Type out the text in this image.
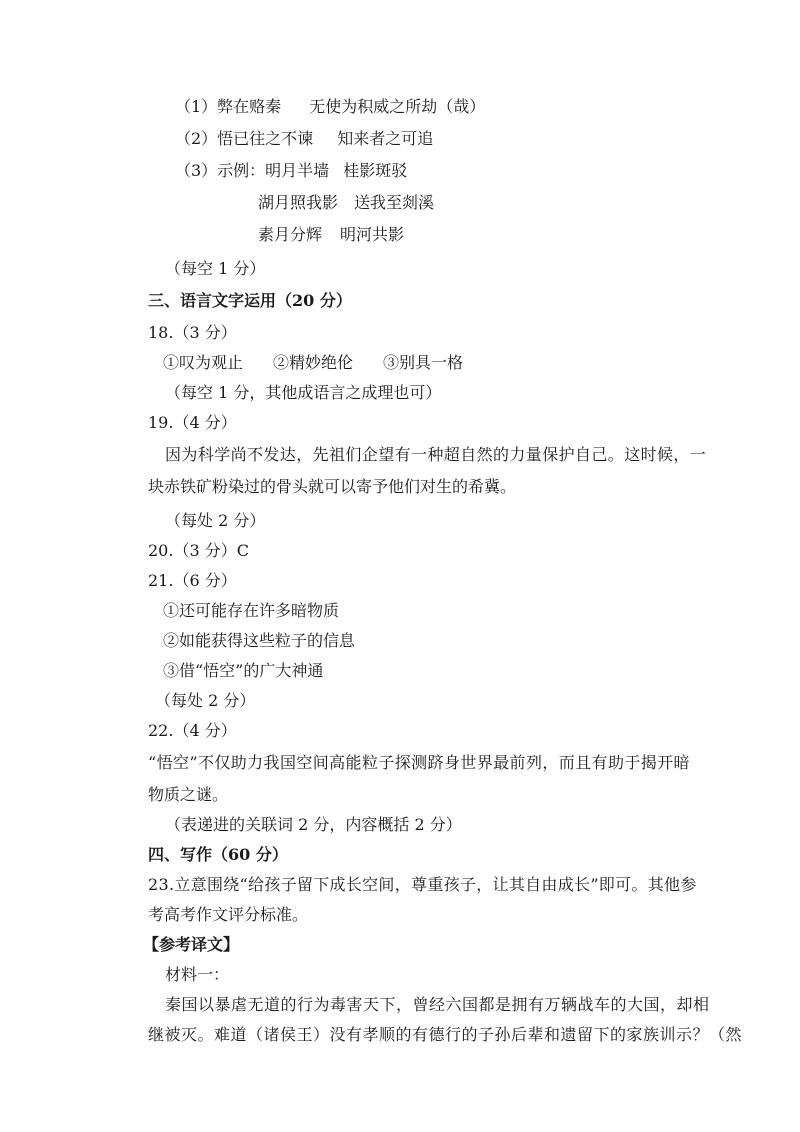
（1）弊在赂秦 无使为积威之所劫（哉）
（2）悟已往之不谏 知来者之可追
（3）示例：明月半墙 桂影斑驳
湖月照我影 送我至剡溪
素月分辉 明河共影
（每空 1 分）
三、语言文字运用（20 分）
18.（3 分）
①叹为观止 ②精妙绝伦 ③别具一格
（每空 1 分，其他成语言之成理也可）
19.（4 分）
因为科学尚不发达，先祖们企望有一种超自然的力量保护自己。这时候，一
块赤铁矿粉染过的骨头就可以寄予他们对生的希冀。
（每处 2 分）
20.（3 分）C
21.（6 分）
①还可能存在许多暗物质
②如能获得这些粒子的信息
③借“悟空”的广大神通
（每处 2 分）
22.（4 分）
“悟空”不仅助力我国空间高能粒子探测跻身世界最前列，而且有助于揭开暗
物质之谜。
（表递进的关联词 2 分，内容概括 2 分）
四、写作（60 分）
23.立意围绕“给孩子留下成长空间，尊重孩子，让其自由成长”即可。其他参
考高考作文评分标准。
【参考译文】
材料一：
秦国以暴虐无道的行为毒害天下，曾经六国都是拥有万辆战车的大国，却相
继被灭。难道（诸侯王）没有孝顺的有德行的子孙后辈和遗留下的家族训示？（然
